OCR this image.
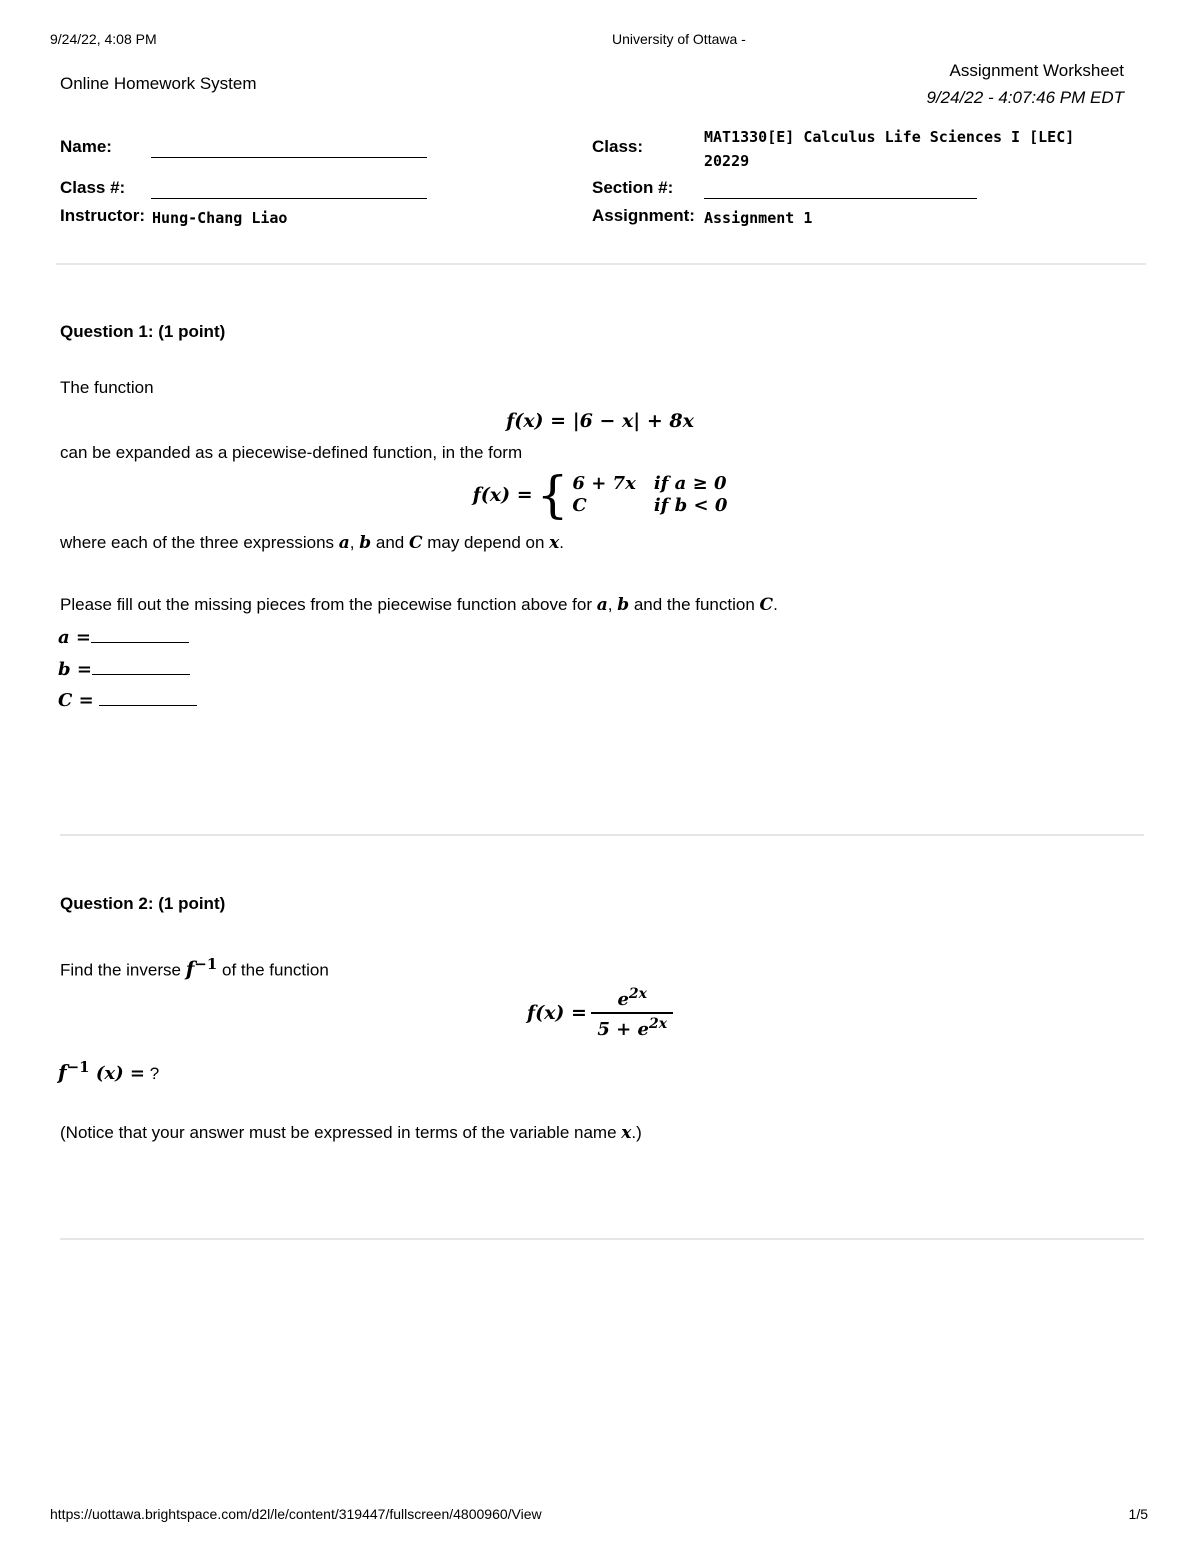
9/24/22, 4:08 PM	University of Ottawa -
Online Homework System
Assignment Worksheet
9/24/22 - 4:07:46 PM EDT
Name:
Class #:
Instructor: Hung-Chang Liao
Class:	MAT1330[E] Calculus Life Sciences I [LEC]
20229
Section #:
Assignment: Assignment 1
Question 1: (1 point)
The function
f(x) = |6 − x| + 8x
can be expanded as a piecewise-defined function, in the form
f(x) = { 6 + 7x if a ≥ 0
C	if b < 0
where each of the three expressions a, b and C may depend on x.
Please fill out the missing pieces from the piecewise function above for a, b and the function C.
a =
b =
C =
Question 2: (1 point)
Find the inverse $f^{-1}$ of the function
$f(x) = \frac{e^{2x}}{5 + e^{2x}}$
$f^{-1}$ (x) = ?
(Notice that your answer must be expressed in terms of the variable name x.)
https://uottawa.brightspace.com/d2l/le/content/319447/fullscreen/4800960/View	1/5
